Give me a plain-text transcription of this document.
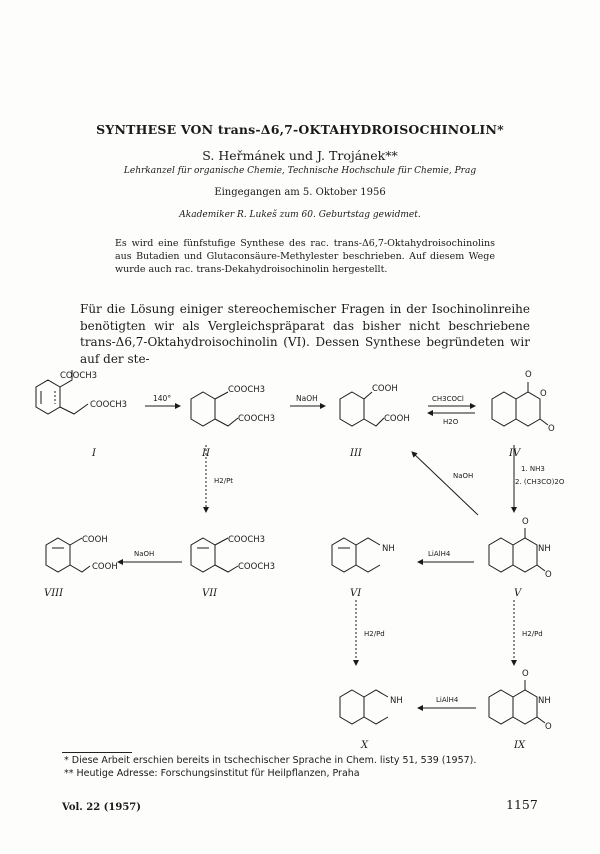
SYNTHESE VON trans-Δ6,7-OKTAHYDROISOCHINOLIN*
S. Heřmánek und J. Trojánek**
Lehrkanzel für organische Chemie, Technische Hochschule für Chemie, Prag
Eingegangen am 5. Oktober 1956
Akademiker R. Lukeš zum 60. Geburtstag gewidmet.
Es wird eine fünfstufige Synthese des rac. trans-Δ6,7-Oktahydroisochinolins aus Butadien und Glutaconsäure-Methylester beschrieben. Auf diesem Wege wurde auch rac. trans-Dekahydroisochinolin hergestellt.
Für die Lösung einiger stereochemischer Fragen in der Isochinolinreihe benötigten wir als Vergleichspräparat das bisher nicht beschriebene trans-Δ6,7-Oktahydroisochinolin (VI). Dessen Synthese begründeten wir auf der ste-
COOCH3
COOCH3
COOCH3
COOCH3
COOH
COOH
O
O
O
O
NH
O
NH
COOCH3
COOCH3
COOH
COOH
O
NH
O
NH
140°	NaOH	CH3COCl
H2O
H2/Pt
NaOH
1. NH3
2. (CH3CO)2O
LiAlH4
NaOH
H2/Pd	H2/Pd
LiAlH4
I	II	III	IV
V
VI
VII
VIII
IX
X
* Diese Arbeit erschien bereits in tschechischer Sprache in Chem. listy 51, 539 (1957).
** Heutige Adresse: Forschungsinstitut für Heilpflanzen, Praha
Vol. 22 (1957)	1157
